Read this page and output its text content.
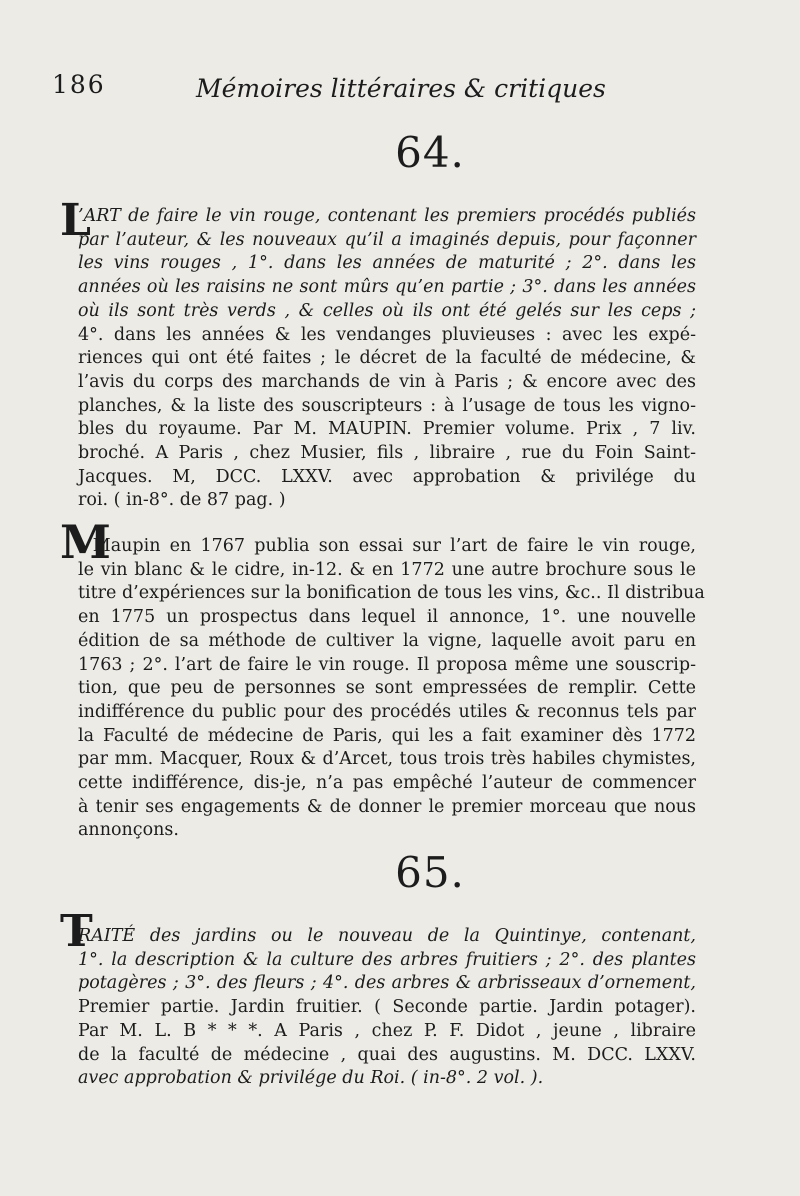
186	Mémoires littéraires & critiques
64.
L
’ART de faire le vin rouge, contenant les premiers procédés publiés
par l’auteur, & les nouveaux qu’il a imaginés depuis, pour façonner
les vins rouges , 1°. dans les années de maturité ; 2°. dans les
années où les raisins ne sont mûrs qu’en partie ; 3°. dans les années
où ils sont très verds , & celles où ils ont été gelés sur les ceps ;
4°. dans les années & les vendanges pluvieuses : avec les expé-
riences qui ont été faites ; le décret de la faculté de médecine, &
l’avis du corps des marchands de vin à Paris ; & encore avec des
planches, & la liste des souscripteurs : à l’usage de tous les vigno-
bles du royaume. Par M. MAUPIN. Premier volume. Prix , 7 liv.
broché. A Paris , chez Musier, fils , libraire , rue du Foin Saint-
Jacques. M, DCC. LXXV. avec approbation & privilége du
roi. ( in-8°. de 87 pag. )
M
. Maupin en 1767 publia son essai sur l’art de faire le vin rouge,
le vin blanc & le cidre, in-12. & en 1772 une autre brochure sous le
titre d’expériences sur la bonification de tous les vins, &c.. Il distribua
en 1775 un prospectus dans lequel il annonce, 1°. une nouvelle
édition de sa méthode de cultiver la vigne, laquelle avoit paru en
1763 ; 2°. l’art de faire le vin rouge. Il proposa même une souscrip-
tion, que peu de personnes se sont empressées de remplir. Cette
indifférence du public pour des procédés utiles & reconnus tels par
la Faculté de médecine de Paris, qui les a fait examiner dès 1772
par mm. Macquer, Roux & d’Arcet, tous trois très habiles chymistes,
cette indifférence, dis-je, n’a pas empêché l’auteur de commencer
à tenir ses engagements & de donner le premier morceau que nous
annonçons.
65.
T
RAITÉ des jardins ou le nouveau de la Quintinye, contenant,
1°. la description & la culture des arbres fruitiers ; 2°. des plantes
potagères ; 3°. des fleurs ; 4°. des arbres & arbrisseaux d’ornement,
Premier partie. Jardin fruitier. ( Seconde partie. Jardin potager).
Par M. L. B * * *. A Paris , chez P. F. Didot , jeune , libraire
de la faculté de médecine , quai des augustins. M. DCC. LXXV.
avec approbation & privilége du Roi. ( in-8°. 2 vol. ).
